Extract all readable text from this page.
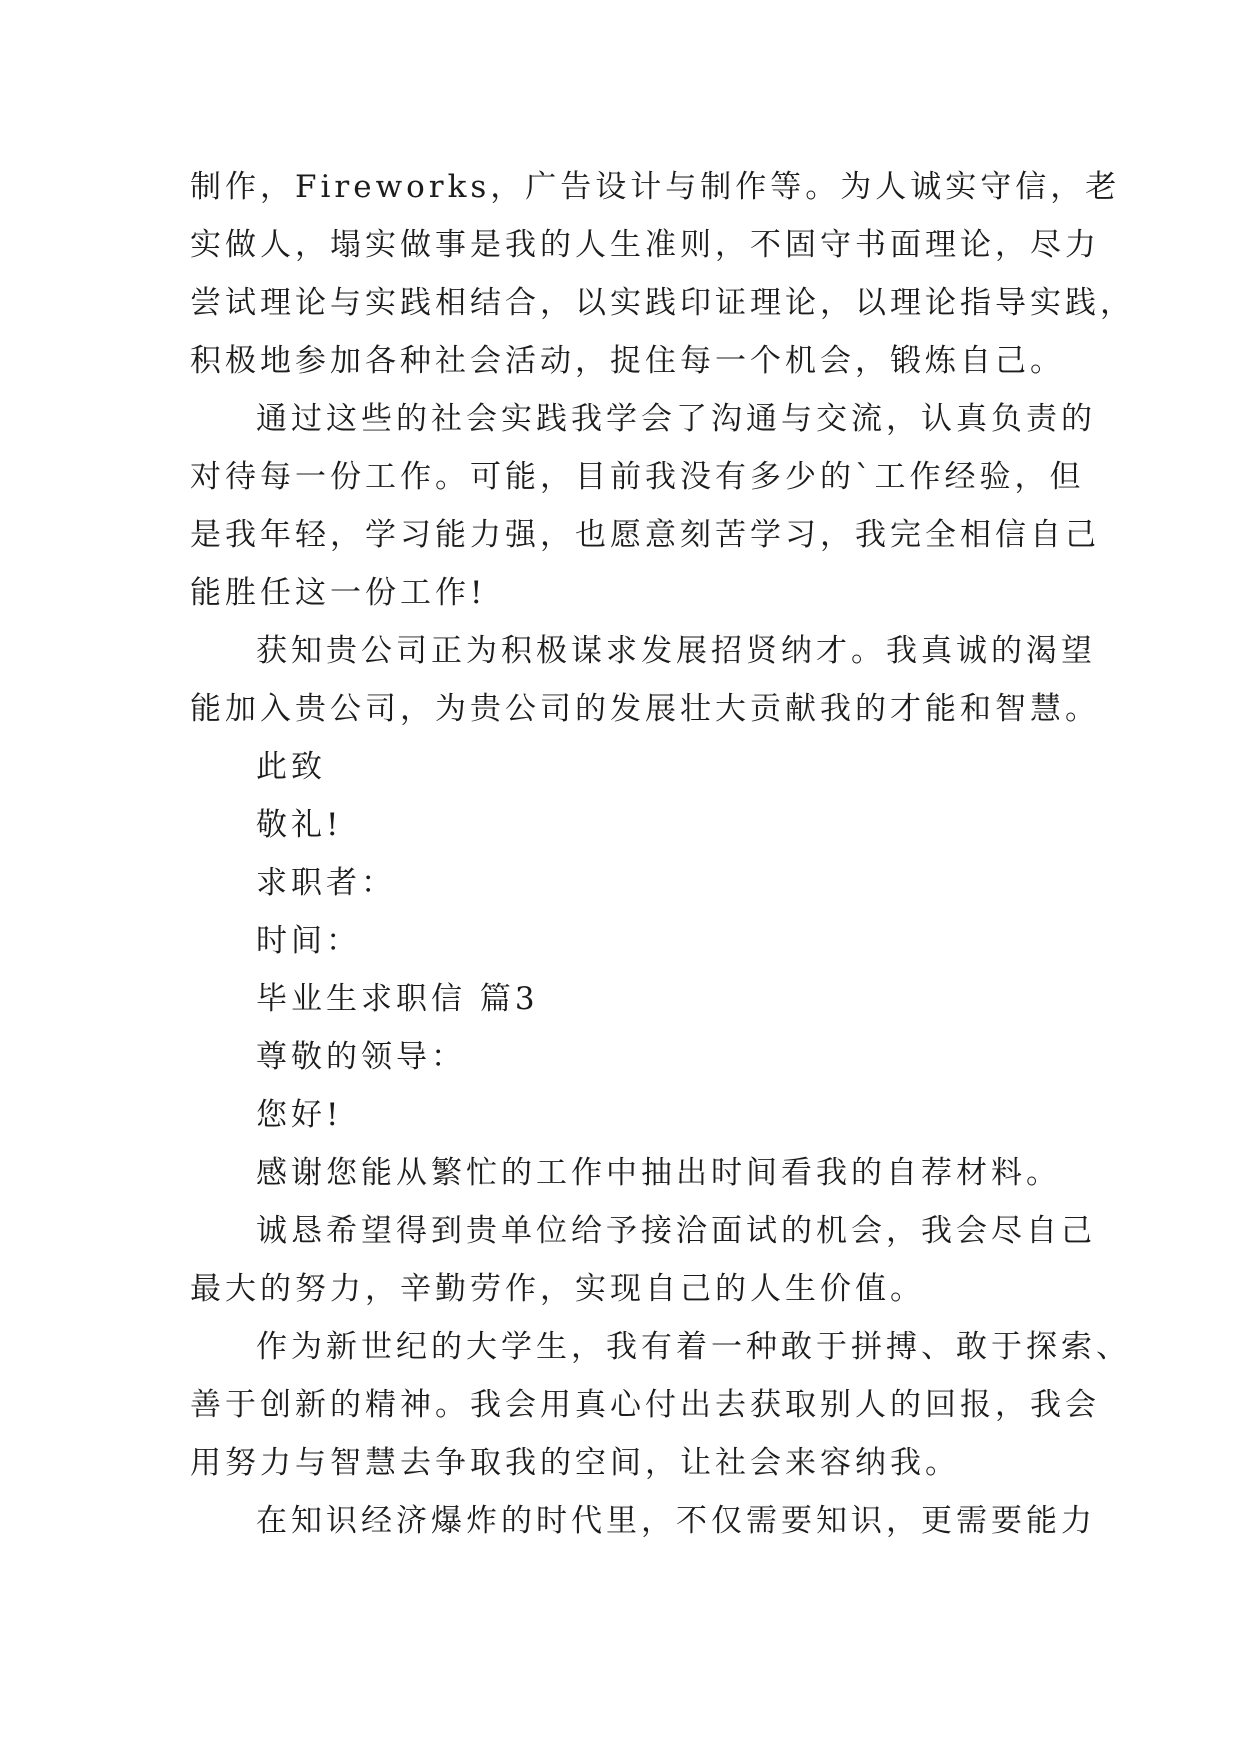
制作，Fireworks，广告设计与制作等。为人诚实守信，老
实做人，塌实做事是我的人生准则，不固守书面理论，尽力
尝试理论与实践相结合，以实践印证理论，以理论指导实践，
积极地参加各种社会活动，捉住每一个机会，锻炼自己。
通过这些的社会实践我学会了沟通与交流，认真负责的
对待每一份工作。可能，目前我没有多少的`工作经验，但
是我年轻，学习能力强，也愿意刻苦学习，我完全相信自己
能胜任这一份工作!
获知贵公司正为积极谋求发展招贤纳才。我真诚的渴望
能加入贵公司，为贵公司的发展壮大贡献我的才能和智慧。
此致
敬礼!
求职者：
时间：
毕业生求职信 篇3
尊敬的领导：
您好!
感谢您能从繁忙的工作中抽出时间看我的自荐材料。
诚恳希望得到贵单位给予接洽面试的机会，我会尽自己
最大的努力，辛勤劳作，实现自己的人生价值。
作为新世纪的大学生，我有着一种敢于拼搏、敢于探索、
善于创新的精神。我会用真心付出去获取别人的回报，我会
用努力与智慧去争取我的空间，让社会来容纳我。
在知识经济爆炸的时代里，不仅需要知识，更需要能力
